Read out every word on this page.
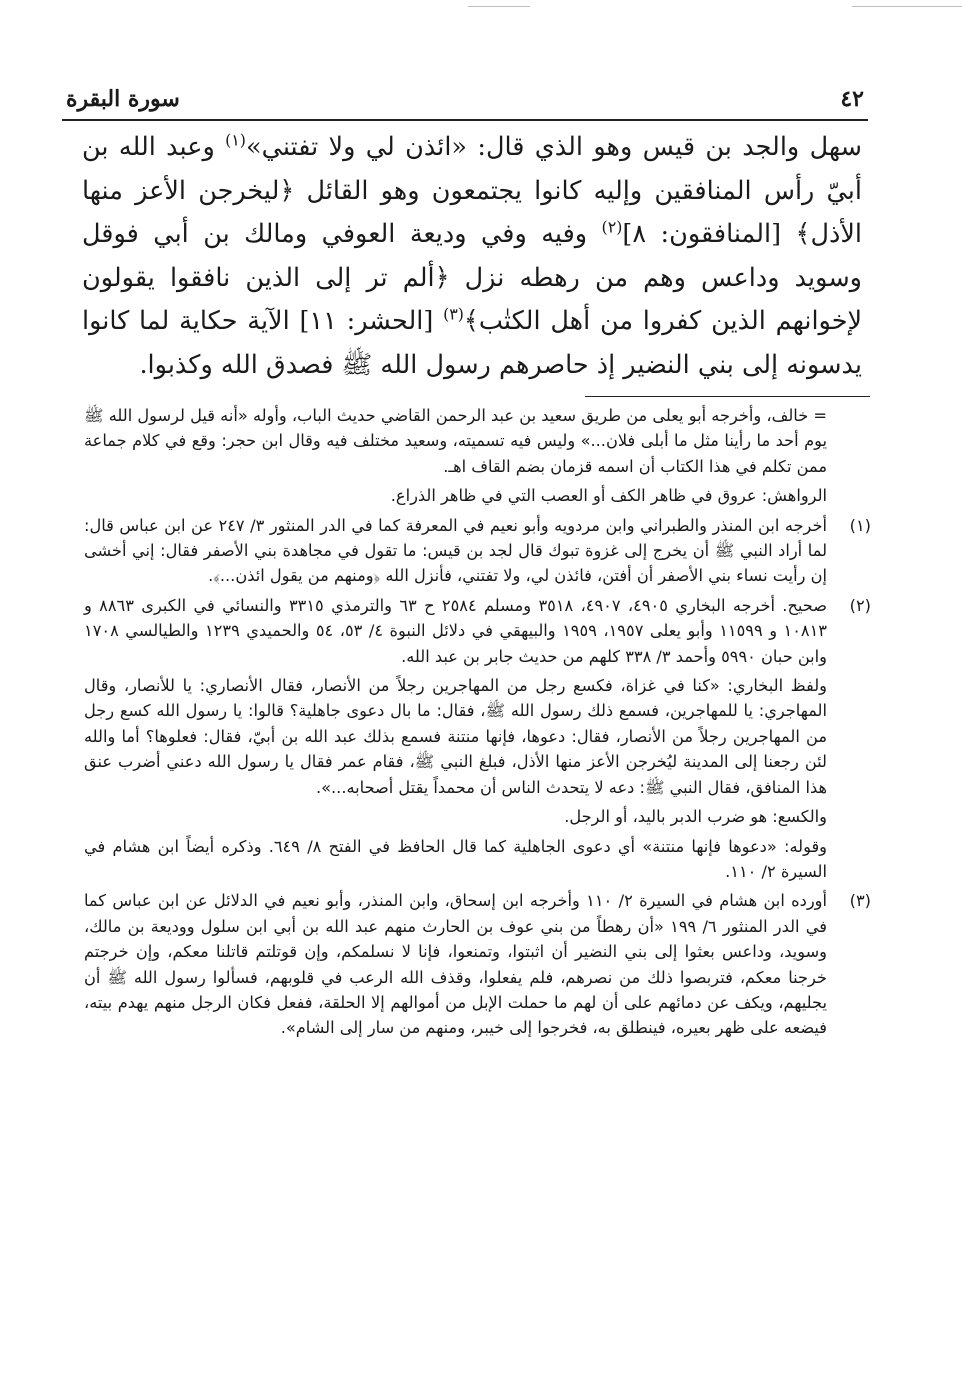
٤٢
سورة البقرة

سهل والجد بن قيس وهو الذي قال: «ائذن لي ولا تفتني»$^{(١)}$ وعبد الله بن أبيّ رأس المنافقين وإليه كانوا يجتمعون وهو القائل ﴿ليخرجن الأعز منها الأذل﴾ [المنافقون: ٨]$^{(٢)}$ وفيه وفي وديعة العوفي ومالك بن أبي فوقل وسويد وداعس وهم من رهطه نزل ﴿ألم تر إلى الذين نافقوا يقولون لإخوانهم الذين كفروا من أهل الكتٰب﴾$^{(٣)}$ [الحشر: ١١] الآية حكاية لما كانوا يدسونه إلى بني النضير إذ حاصرهم رسول الله ﷺ فصدق الله وكذبوا.

= خالف، وأخرجه أبو يعلى من طريق سعيد بن عبد الرحمن القاضي حديث الباب، وأوله «أنه قيل لرسول الله ﷺ يوم أحد ما رأينا مثل ما أبلى فلان...» وليس فيه تسميته، وسعيد مختلف فيه وقال ابن حجر: وقع في كلام جماعة ممن تكلم في هذا الكتاب أن اسمه قزمان بضم القاف اهـ.

الرواهش: عروق في ظاهر الكف أو العصب التي في ظاهر الذراع.

(١)

أخرجه ابن المنذر والطبراني وابن مردويه وأبو نعيم في المعرفة كما في الدر المنثور ٣/ ٢٤٧ عن ابن عباس قال: لما أراد النبي ﷺ أن يخرج إلى غزوة تبوك قال لجد بن قيس: ما تقول في مجاهدة بني الأصفر فقال: إني أخشى إن رأيت نساء بني الأصفر أن أفتن، فائذن لي، ولا تفتني، فأنزل الله ﴿ومنهم من يقول ائذن...﴾.

(٢)

صحيح. أخرجه البخاري ٤٩٠٥، ٤٩٠٧، ٣٥١٨ ومسلم ٢٥٨٤ ح ٦٣ والترمذي ٣٣١٥ والنسائي في الكبرى ٨٨٦٣ و ١٠٨١٣ و ١١٥٩٩ وأبو يعلى ١٩٥٧، ١٩٥٩ والبيهقي في دلائل النبوة ٤/ ٥٣، ٥٤ والحميدي ١٢٣٩ والطيالسي ١٧٠٨ وابن حبان ٥٩٩٠ وأحمد ٣/ ٣٣٨ كلهم من حديث جابر بن عبد الله.

ولفظ البخاري: «كنا في غزاة، فكسع رجل من المهاجرين رجلاً من الأنصار، فقال الأنصاري: يا للأنصار، وقال المهاجري: يا للمهاجرين، فسمع ذلك رسول الله ﷺ، فقال: ما بال دعوى جاهلية؟ قالوا: يا رسول الله كسع رجل من المهاجرين رجلاً من الأنصار، فقال: دعوها، فإنها منتنة فسمع بذلك عبد الله بن أبيّ، فقال: فعلوها؟ أما والله لئن رجعنا إلى المدينة ليُخرجن الأعز منها الأذل، فبلغ النبي ﷺ، فقام عمر فقال يا رسول الله دعني أضرب عنق هذا المنافق، فقال النبي ﷺ: دعه لا يتحدث الناس أن محمداً يقتل أصحابه...».

والكسع: هو ضرب الدبر باليد، أو الرجل.

وقوله: «دعوها فإنها منتنة» أي دعوى الجاهلية كما قال الحافظ في الفتح ٨/ ٦٤٩. وذكره أيضاً ابن هشام في السيرة ٢/ ١١٠.

(٣)

أورده ابن هشام في السيرة ٢/ ١١٠ وأخرجه ابن إسحاق، وابن المنذر، وأبو نعيم في الدلائل عن ابن عباس كما في الدر المنثور ٦/ ١٩٩ «أن رهطاً من بني عوف بن الحارث منهم عبد الله بن أبي ابن سلول ووديعة بن مالك، وسويد، وداعس بعثوا إلى بني النضير أن اثبتوا، وتمنعوا، فإنا لا نسلمكم، وإن قوتلتم قاتلنا معكم، وإن خرجتم خرجنا معكم، فتربصوا ذلك من نصرهم، فلم يفعلوا، وقذف الله الرعب في قلوبهم، فسألوا رسول الله ﷺ أن يجليهم، ويكف عن دمائهم على أن لهم ما حملت الإبل من أموالهم إلا الحلقة، ففعل فكان الرجل منهم يهدم بيته، فيضعه على ظهر بعيره، فينطلق به، فخرجوا إلى خيبر، ومنهم من سار إلى الشام».
